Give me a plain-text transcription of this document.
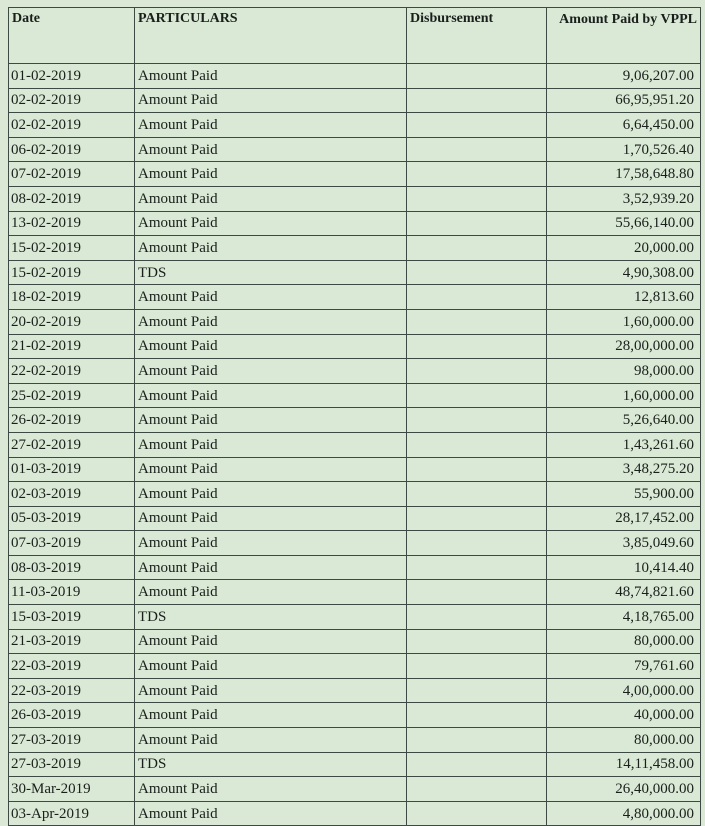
Date	PARTICULARS	Disbursement	Amount Paid by VPPL
01-02-2019	Amount Paid		9,06,207.00
02-02-2019	Amount Paid		66,95,951.20
02-02-2019	Amount Paid		6,64,450.00
06-02-2019	Amount Paid		1,70,526.40
07-02-2019	Amount Paid		17,58,648.80
08-02-2019	Amount Paid		3,52,939.20
13-02-2019	Amount Paid		55,66,140.00
15-02-2019	Amount Paid		20,000.00
15-02-2019	TDS		4,90,308.00
18-02-2019	Amount Paid		12,813.60
20-02-2019	Amount Paid		1,60,000.00
21-02-2019	Amount Paid		28,00,000.00
22-02-2019	Amount Paid		98,000.00
25-02-2019	Amount Paid		1,60,000.00
26-02-2019	Amount Paid		5,26,640.00
27-02-2019	Amount Paid		1,43,261.60
01-03-2019	Amount Paid		3,48,275.20
02-03-2019	Amount Paid		55,900.00
05-03-2019	Amount Paid		28,17,452.00
07-03-2019	Amount Paid		3,85,049.60
08-03-2019	Amount Paid		10,414.40
11-03-2019	Amount Paid		48,74,821.60
15-03-2019	TDS		4,18,765.00
21-03-2019	Amount Paid		80,000.00
22-03-2019	Amount Paid		79,761.60
22-03-2019	Amount Paid		4,00,000.00
26-03-2019	Amount Paid		40,000.00
27-03-2019	Amount Paid		80,000.00
27-03-2019	TDS		14,11,458.00
30-Mar-2019	Amount Paid		26,40,000.00
03-Apr-2019	Amount Paid		4,80,000.00
